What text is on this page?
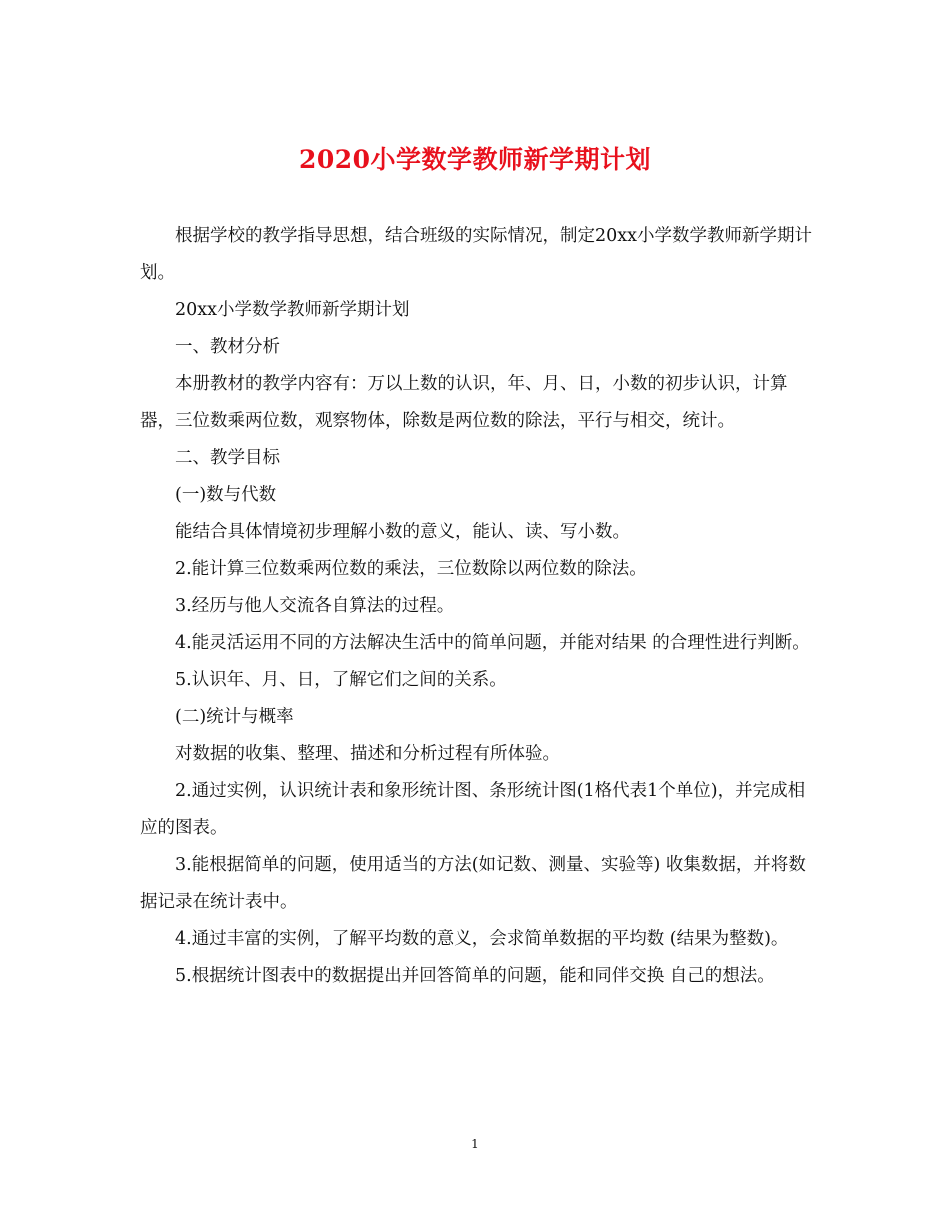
2020小学数学教师新学期计划

根据学校的教学指导思想，结合班级的实际情况，制定20xx小学数学教师新学期计划。

20xx小学数学教师新学期计划

一、教材分析

本册教材的教学内容有：万以上数的认识，年、月、日，小数的初步认识，计算器，三位数乘两位数，观察物体，除数是两位数的除法，平行与相交，统计。

二、教学目标

(一)数与代数

能结合具体情境初步理解小数的意义，能认、读、写小数。

2.能计算三位数乘两位数的乘法，三位数除以两位数的除法。

3.经历与他人交流各自算法的过程。

4.能灵活运用不同的方法解决生活中的简单问题，并能对结果 的合理性进行判断。

5.认识年、月、日，了解它们之间的关系。

(二)统计与概率

对数据的收集、整理、描述和分析过程有所体验。

2.通过实例，认识统计表和象形统计图、条形统计图(1格代表1个单位)，并完成相应的图表。

3.能根据简单的问题，使用适当的方法(如记数、测量、实验等) 收集数据，并将数据记录在统计表中。

4.通过丰富的实例，了解平均数的意义，会求简单数据的平均数 (结果为整数)。

5.根据统计图表中的数据提出并回答简单的问题，能和同伴交换 自己的想法。

1
